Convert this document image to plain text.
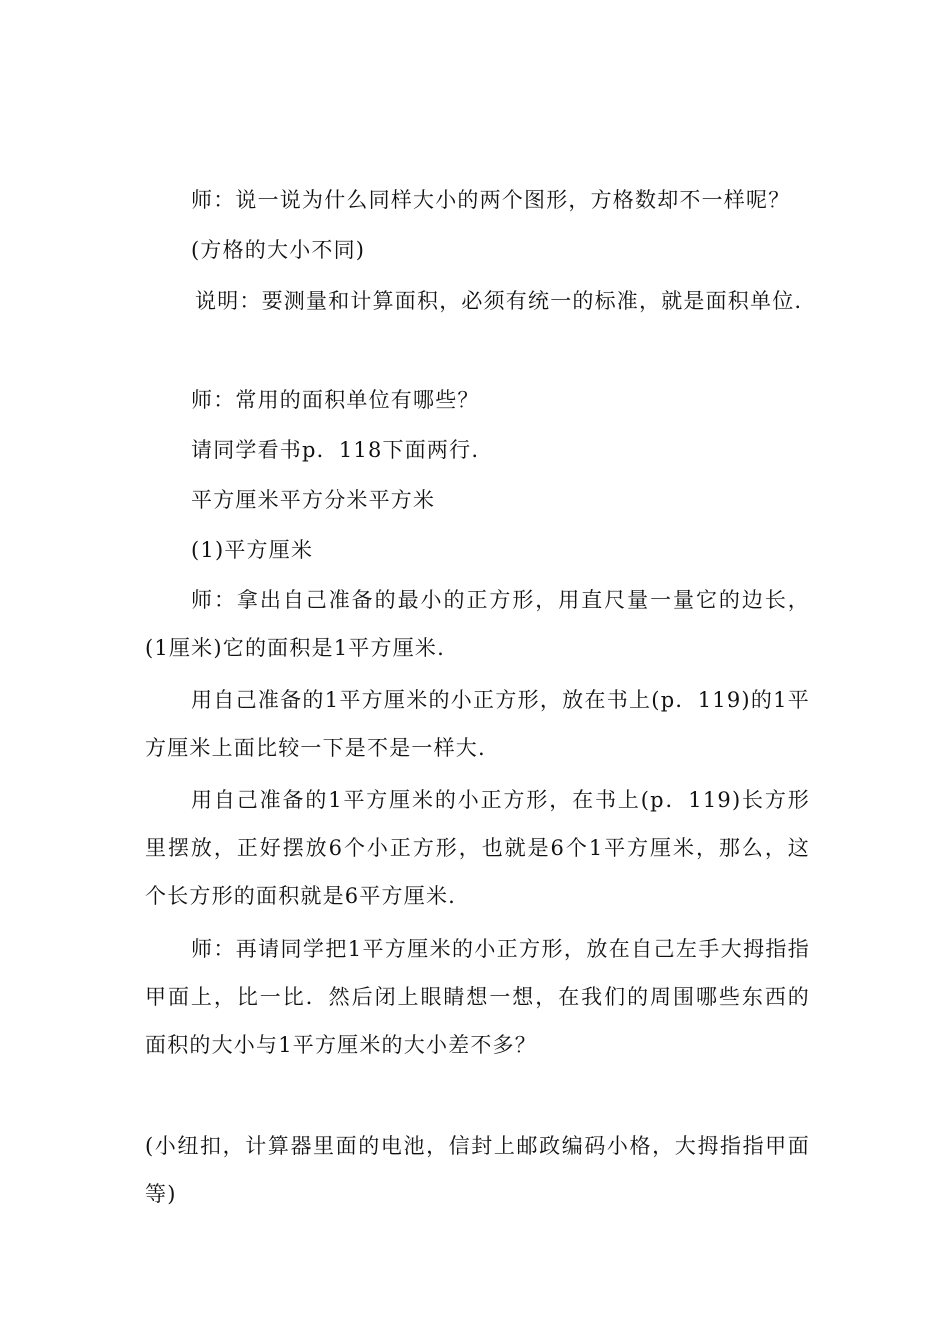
师：说一说为什么同样大小的两个图形，方格数却不一样呢？

(方格的大小不同)

说明：要测量和计算面积，必须有统一的标准，就是面积单位.

师：常用的面积单位有哪些？

请同学看书p．118下面两行.

平方厘米平方分米平方米

(1)平方厘米

师：拿出自己准备的最小的正方形，用直尺量一量它的边长，(1厘米)它的面积是1平方厘米.

用自己准备的1平方厘米的小正方形，放在书上(p．119)的1平方厘米上面比较一下是不是一样大.

用自己准备的1平方厘米的小正方形，在书上(p．119)长方形里摆放，正好摆放6个小正方形，也就是6个1平方厘米，那么，这个长方形的面积就是6平方厘米.

师：再请同学把1平方厘米的小正方形，放在自己左手大拇指指甲面上，比一比．然后闭上眼睛想一想，在我们的周围哪些东西的面积的大小与1平方厘米的大小差不多？

(小纽扣，计算器里面的电池，信封上邮政编码小格，大拇指指甲面等)
